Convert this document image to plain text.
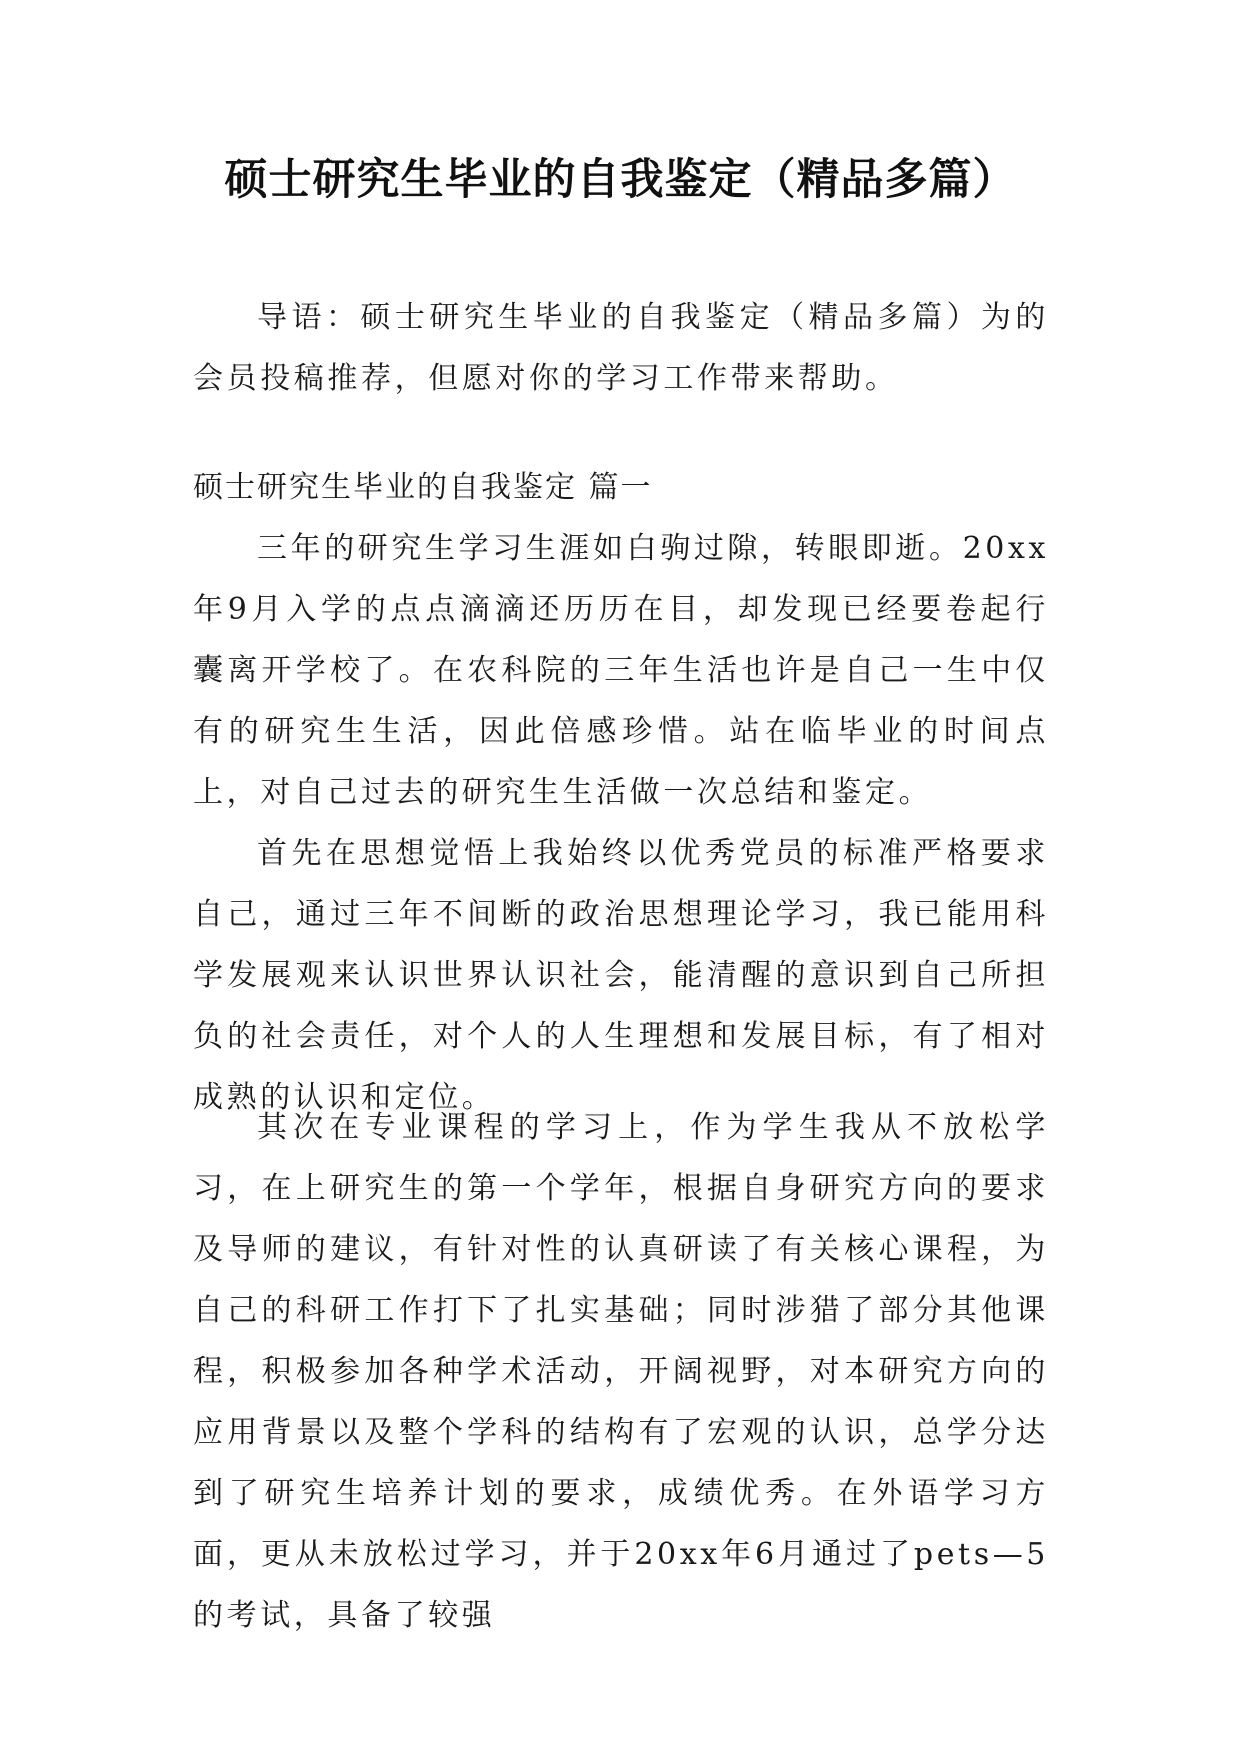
硕士研究生毕业的自我鉴定（精品多篇）

导语：硕士研究生毕业的自我鉴定（精品多篇）为的会员投稿推荐，但愿对你的学习工作带来帮助。

硕士研究生毕业的自我鉴定 篇一

三年的研究生学习生涯如白驹过隙，转眼即逝。20xx年9月入学的点点滴滴还历历在目，却发现已经要卷起行囊离开学校了。在农科院的三年生活也许是自己一生中仅有的研究生生活，因此倍感珍惜。站在临毕业的时间点上，对自己过去的研究生生活做一次总结和鉴定。

首先在思想觉悟上我始终以优秀党员的标准严格要求自己，通过三年不间断的政治思想理论学习，我已能用科学发展观来认识世界认识社会，能清醒的意识到自己所担负的社会责任，对个人的人生理想和发展目标，有了相对成熟的认识和定位。

其次在专业课程的学习上，作为学生我从不放松学习，在上研究生的第一个学年，根据自身研究方向的要求及导师的建议，有针对性的认真研读了有关核心课程，为自己的科研工作打下了扎实基础；同时涉猎了部分其他课程，积极参加各种学术活动，开阔视野，对本研究方向的应用背景以及整个学科的结构有了宏观的认识，总学分达到了研究生培养计划的要求，成绩优秀。在外语学习方面，更从未放松过学习，并于20xx年6月通过了pets—5的考试，具备了较强
